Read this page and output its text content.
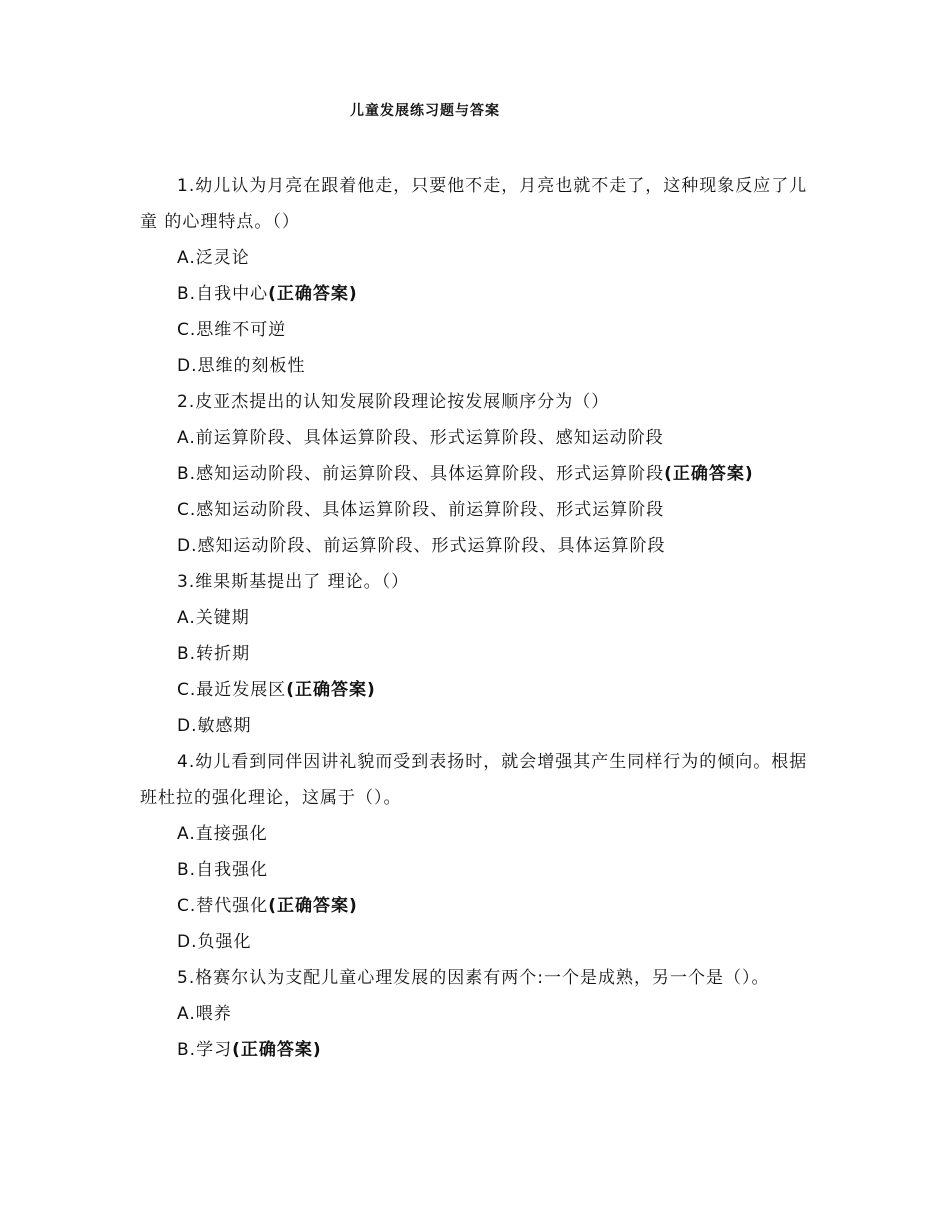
儿童发展练习题与答案

1.幼儿认为月亮在跟着他走，只要他不走，月亮也就不走了，这种现象反应了儿童 的心理特点。（）

A.泛灵论
B.自我中心(正确答案)
C.思维不可逆
D.思维的刻板性

2.皮亚杰提出的认知发展阶段理论按发展顺序分为（）

A.前运算阶段、具体运算阶段、形式运算阶段、感知运动阶段
B.感知运动阶段、前运算阶段、具体运算阶段、形式运算阶段(正确答案)
C.感知运动阶段、具体运算阶段、前运算阶段、形式运算阶段
D.感知运动阶段、前运算阶段、形式运算阶段、具体运算阶段

3.维果斯基提出了 理论。（）

A.关键期
B.转折期
C.最近发展区(正确答案)
D.敏感期

4.幼儿看到同伴因讲礼貌而受到表扬时，就会增强其产生同样行为的倾向。根据班杜拉的强化理论，这属于（）。

A.直接强化
B.自我强化
C.替代强化(正确答案)
D.负强化

5.格赛尔认为支配儿童心理发展的因素有两个:一个是成熟，另一个是（）。

A.喂养
B.学习(正确答案)
